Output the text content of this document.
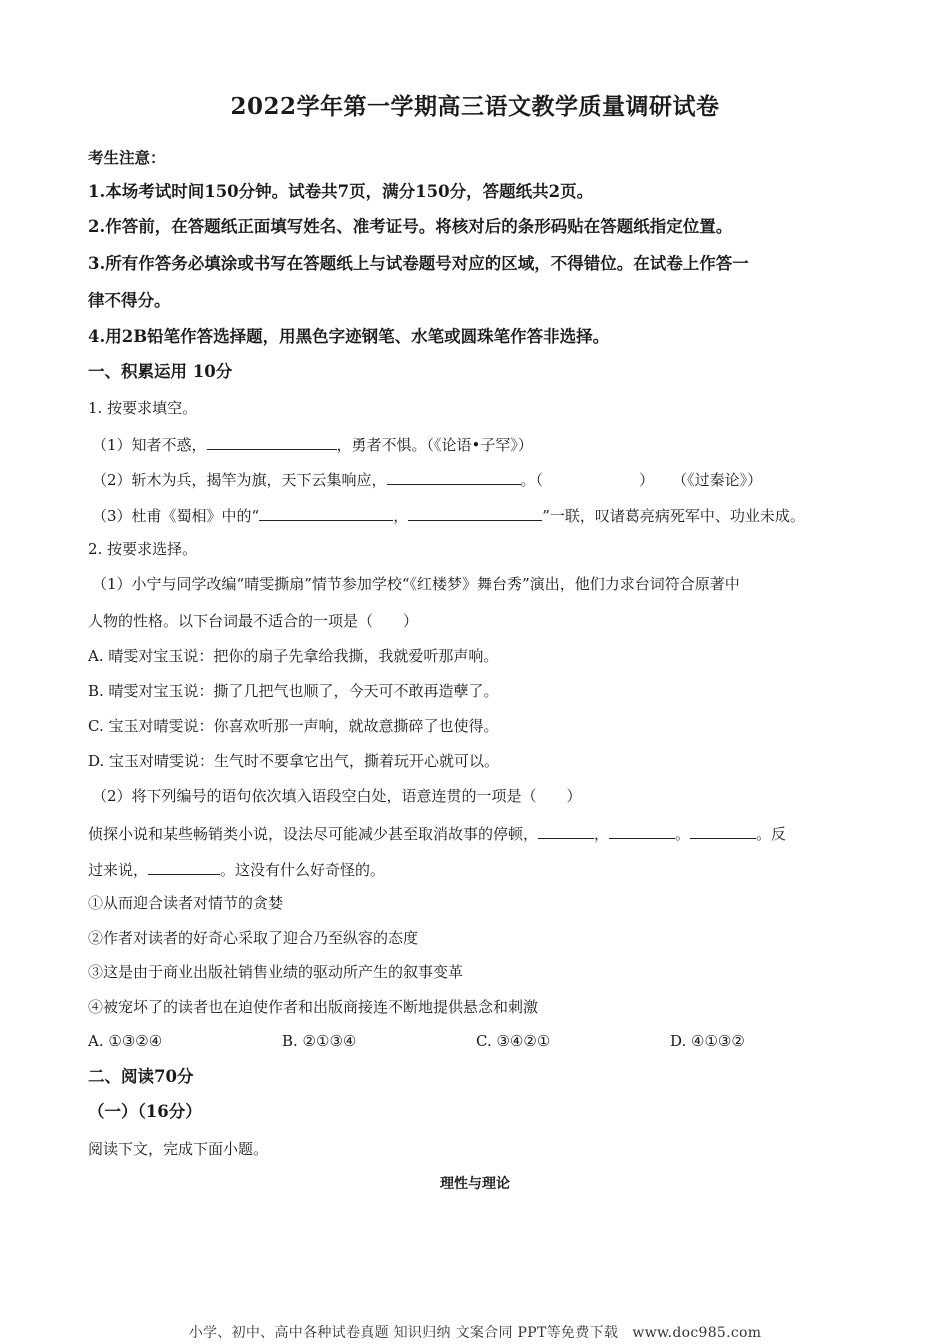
2022学年第一学期高三语文教学质量调研试卷
考生注意：
1.本场考试时间150分钟。试卷共7页，满分150分，答题纸共2页。
2.作答前，在答题纸正面填写姓名、准考证号。将核对后的条形码贴在答题纸指定位置。
3.所有作答务必填涂或书写在答题纸上与试卷题号对应的区域，不得错位。在试卷上作答一
律不得分。
4.用2B铅笔作答选择题，用黑色字迹钢笔、水笔或圆珠笔作答非选择。
一、积累运用 10分
1. 按要求填空。
（1）知者不惑，	，勇者不惧。（《论语•子罕》）
（2）斩木为兵，揭竿为旗，天下云集响应，	。（	） （《过秦论》）
（3）杜甫《蜀相》中的“	，	”一联，叹诸葛亮病死军中、功业未成。
2. 按要求选择。
（1）小宁与同学改编“晴雯撕扇”情节参加学校“《红楼梦》舞台秀”演出，他们力求台词符合原著中
人物的性格。以下台词最不适合的一项是（　　）
A. 晴雯对宝玉说：把你的扇子先拿给我撕，我就爱听那声响。
B. 晴雯对宝玉说：撕了几把气也顺了，今天可不敢再造孽了。
C. 宝玉对晴雯说：你喜欢听那一声响，就故意撕碎了也使得。
D. 宝玉对晴雯说：生气时不要拿它出气，撕着玩开心就可以。
（2）将下列编号的语句依次填入语段空白处，语意连贯的一项是（　　）
侦探小说和某些畅销类小说，设法尽可能减少甚至取消故事的停顿，	，	。	。反
过来说，	。这没有什么好奇怪的。
①从而迎合读者对情节的贪婪
②作者对读者的好奇心采取了迎合乃至纵容的态度
③这是由于商业出版社销售业绩的驱动所产生的叙事变革
④被宠坏了的读者也在迫使作者和出版商接连不断地提供悬念和刺激
A. ①③②④	B. ②①③④	C. ③④②①	D. ④①③②
二、阅读70分
（一）（16分）
阅读下文，完成下面小题。
理性与理论
小学、初中、高中各种试卷真题 知识归纳 文案合同 PPT等免费下载　www.doc985.com
